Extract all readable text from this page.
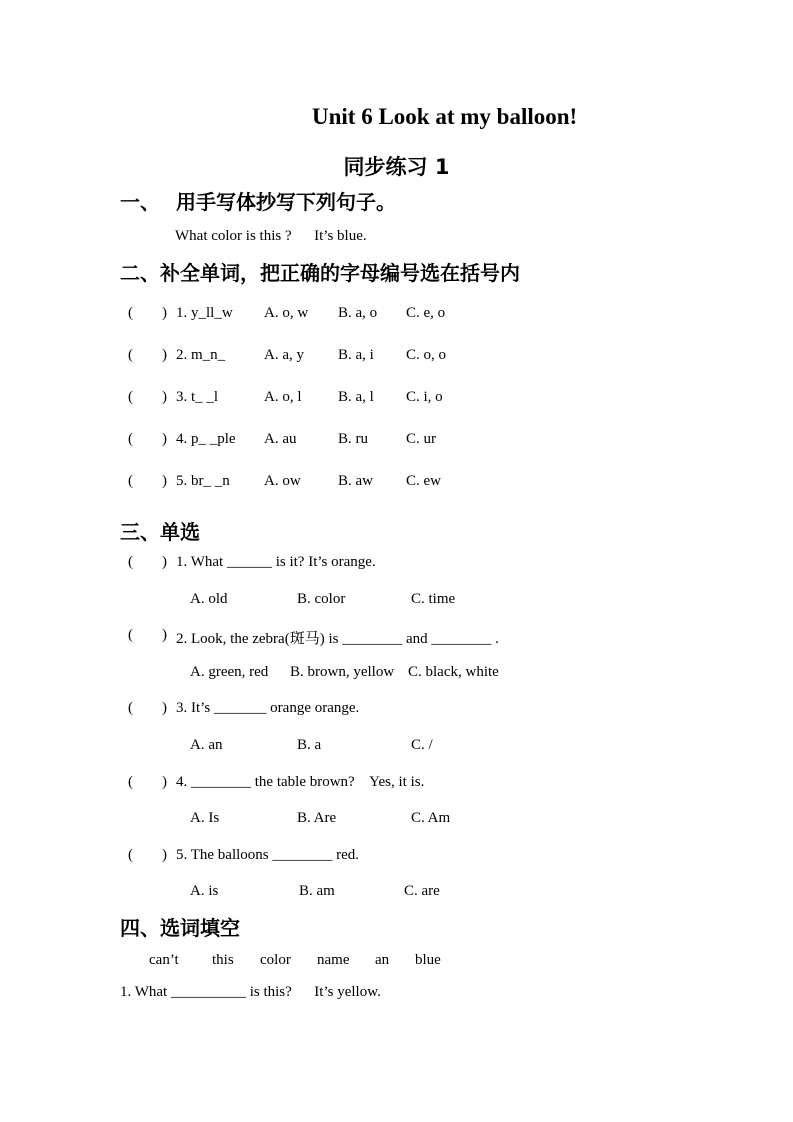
Unit 6 Look at my balloon!
同步练习 1
一、 用手写体抄写下列句子。
What color is this ?      It’s blue.
二、补全单词，把正确的字母编号选在括号内
( ) 1. y_ll_w A. o, w B. a, o C. e, o
( ) 2. m_n_	A. a, y B. a, i C. o, o
( ) 3. t_ _l	A. o, l B. a, l C. i, o
( ) 4. p_ _ple A. au	B. ru	C. ur
( ) 5. br_ _n A. ow B. aw C. ew
三、单选
( ) 1. What ______ is it? It’s orange.
A. old	B. color	C. time
( ) 2. Look, the zebra(斑马) is ________ and ________ .
A. green, red B. brown, yellow C. black, white
( ) 3. It’s _______ orange orange.
A. an	B. a	C. /
( ) 4. ________ the table brown?    Yes, it is.
A. Is	B. Are	C. Am
( ) 5. The balloons ________ red.
A. is	B. am	C. are
四、选词填空
can’t this color name an blue
1. What __________ is this?      It’s yellow.
